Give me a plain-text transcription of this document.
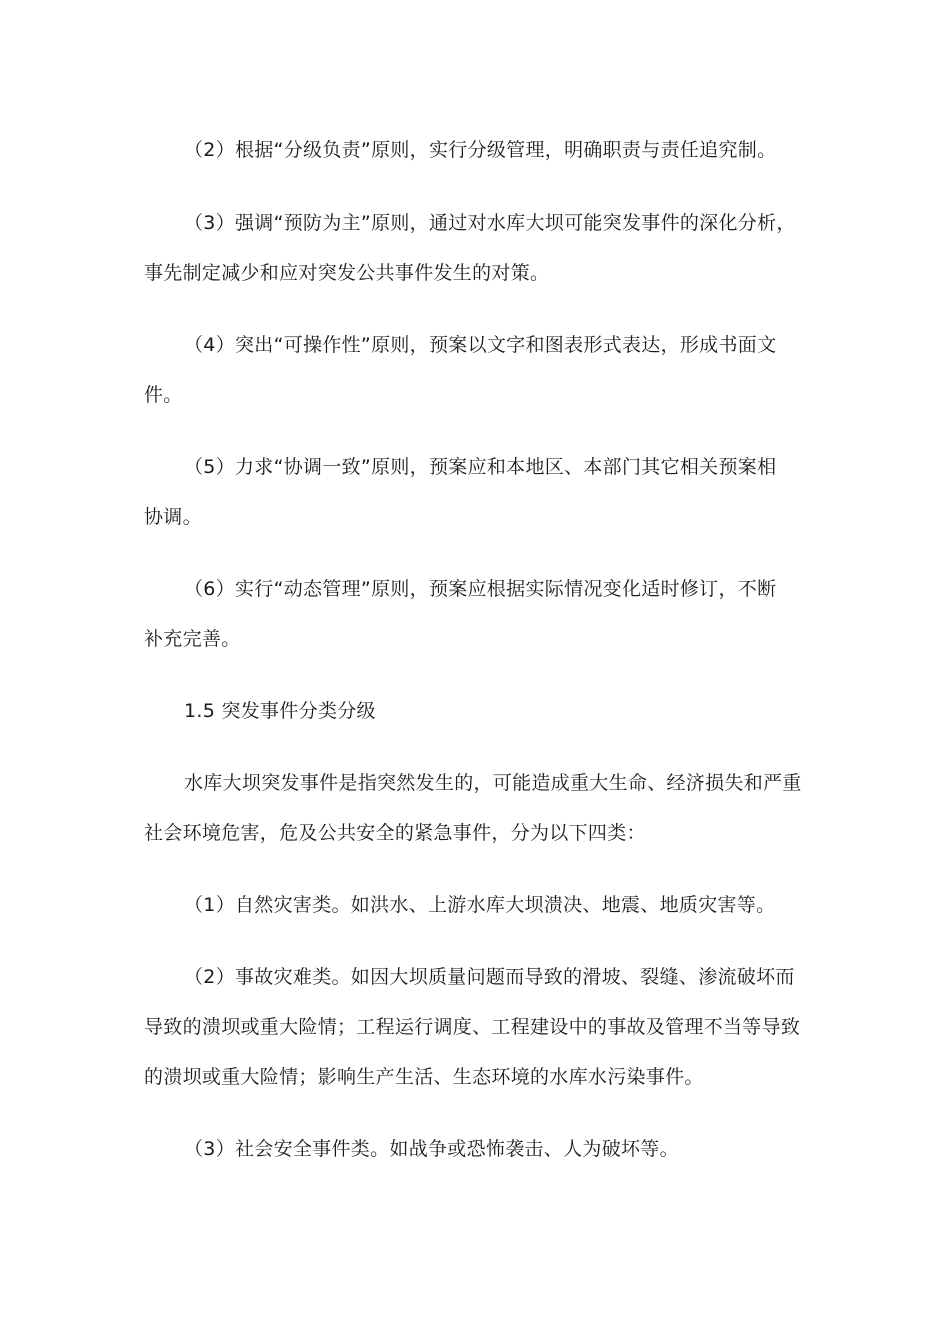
（2）根据“分级负责”原则，实行分级管理，明确职责与责任追究制。
（3）强调“预防为主”原则，通过对水库大坝可能突发事件的深化分析，
事先制定减少和应对突发公共事件发生的对策。
（4）突出“可操作性”原则，预案以文字和图表形式表达，形成书面文
件。
（5）力求“协调一致”原则，预案应和本地区、本部门其它相关预案相
协调。
（6）实行“动态管理”原则，预案应根据实际情况变化适时修订，不断
补充完善。
1.5 突发事件分类分级
水库大坝突发事件是指突然发生的，可能造成重大生命、经济损失和严重
社会环境危害，危及公共安全的紧急事件，分为以下四类：
（1）自然灾害类。如洪水、上游水库大坝溃决、地震、地质灾害等。
（2）事故灾难类。如因大坝质量问题而导致的滑坡、裂缝、渗流破坏而
导致的溃坝或重大险情；工程运行调度、工程建设中的事故及管理不当等导致
的溃坝或重大险情；影响生产生活、生态环境的水库水污染事件。
（3）社会安全事件类。如战争或恐怖袭击、人为破坏等。
